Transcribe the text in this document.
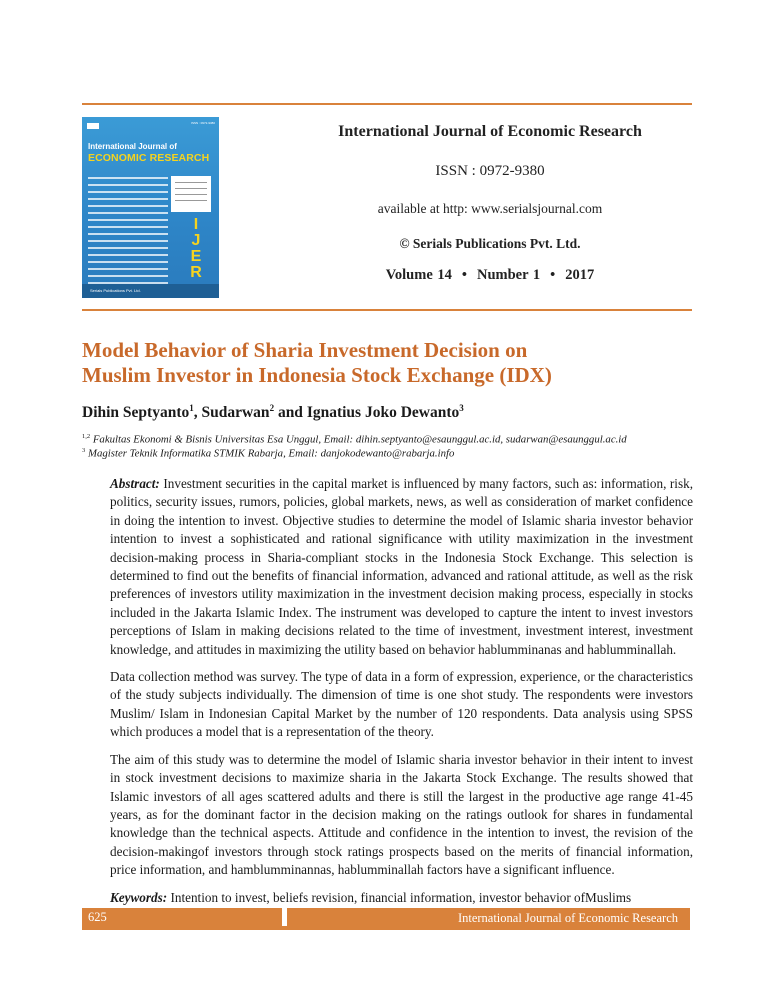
ISSN : 0972-9380
International Journal of
ECONOMIC RESEARCH
I
J
E
R
Serials Publications Pvt. Ltd.
International Journal of Economic Research
ISSN : 0972-9380
available at http: www.serialsjournal.com
© Serials Publications Pvt. Ltd.
Volume 14 • Number 1 • 2017
Model Behavior of Sharia Investment Decision on
Muslim Investor in Indonesia Stock Exchange (IDX)
Dihin Septyanto$^1$, Sudarwan$^2$ and Ignatius Joko Dewanto$^3$
$^{1,2}$ Fakultas Ekonomi & Bisnis Universitas Esa Unggul, Email: dihin.septyanto@esaunggul.ac.id, sudarwan@esaunggul.ac.id
$^3$ Magister Teknik Informatika STMIK Rabarja, Email: danjokodewanto@rabarja.info

Abstract: Investment securities in the capital market is influenced by many factors, such as: information, risk, politics, security issues, rumors, policies, global markets, news, as well as consideration of market confidence in doing the intention to invest. Objective studies to determine the model of Islamic sharia investor behavior intention to invest a sophisticated and rational significance with utility maximization in the investment decision-making process in Sharia-compliant stocks in the Indonesia Stock Exchange. This selection is determined to find out the benefits of financial information, advanced and rational attitude, as well as the risk preferences of investors utility maximization in the investment decision making process, especially in stocks included in the Jakarta Islamic Index. The instrument was developed to capture the intent to invest investors perceptions of Islam in making decisions related to the time of investment, investment interest, investment knowledge, and attitudes in maximizing the utility based on behavior hablumminanas and hablumminallah.

Data collection method was survey. The type of data in a form of expression, experience, or the characteristics of the study subjects individually. The dimension of time is one shot study. The respondents were investors Muslim/ Islam in Indonesian Capital Market by the number of 120 respondents. Data analysis using SPSS which produces a model that is a representation of the theory.

The aim of this study was to determine the model of Islamic sharia investor behavior in their intent to invest in stock investment decisions to maximize sharia in the Jakarta Stock Exchange. The results showed that Islamic investors of all ages scattered adults and there is still the largest in the productive age range 41-45 years, as for the dominant factor in the decision making on the ratings outlook for shares in fundamental knowledge than the technical aspects. Attitude and confidence in the intention to invest, the revision of the decision-makingof investors through stock ratings prospects based on the merits of financial information, price information, and hamblumminannas, hablumminallah factors have a significant influence.

Keywords: Intention to invest, beliefs revision, financial information, investor behavior ofMuslims

625	International Journal of Economic Research
